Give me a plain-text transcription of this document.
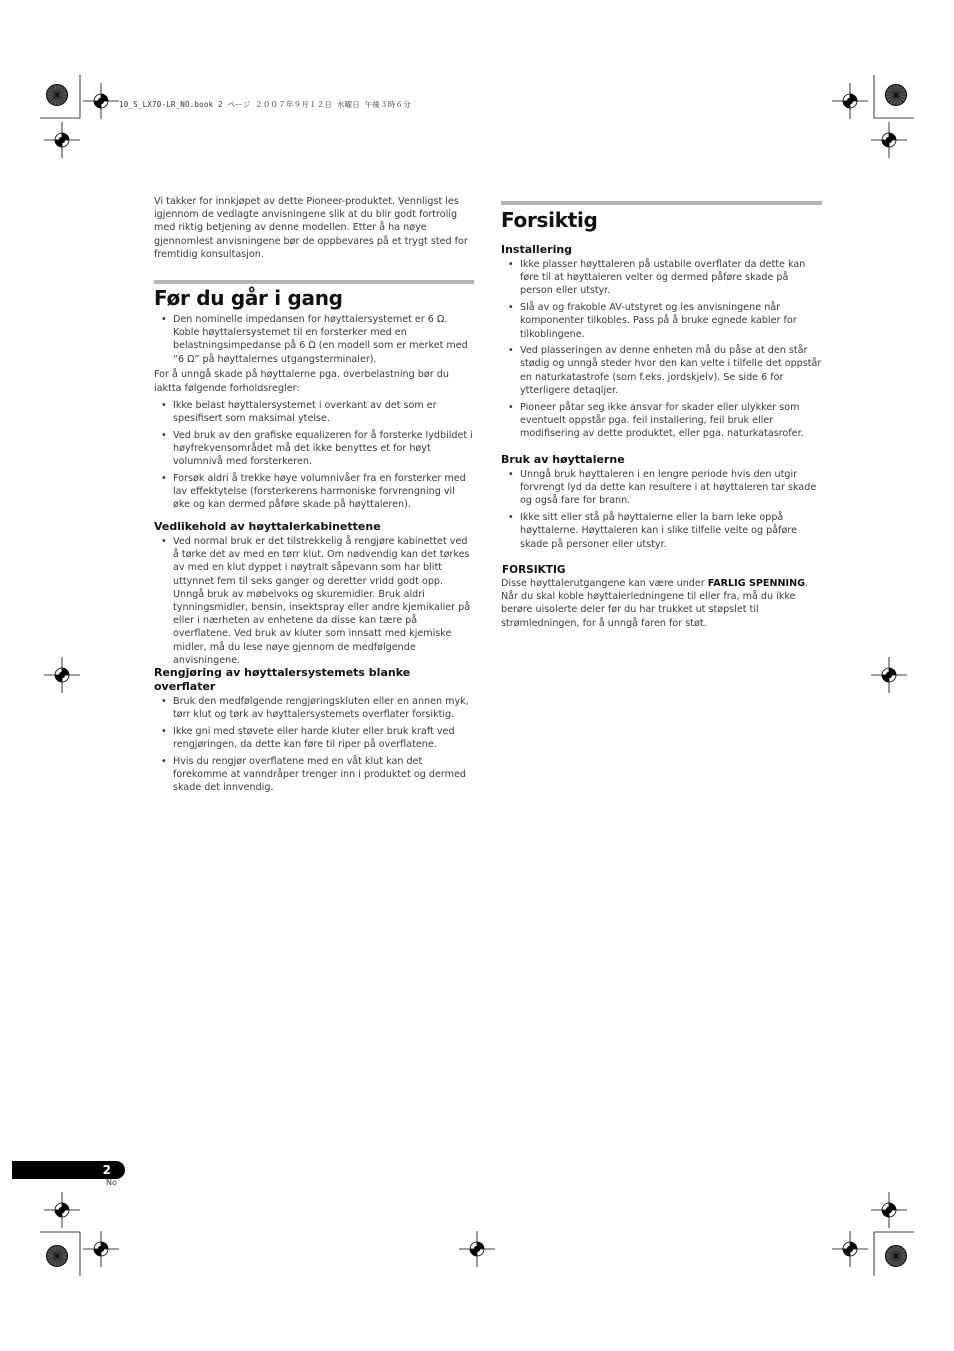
10_S_LX70-LR_NO.book 2 ページ ２００７年９月１２日 水曜日 午後３時６分

Vi takker for innkjøpet av dette Pioneer-produktet. Vennligst les igjennom de vedlagte anvisningene slik at du blir godt fortrolig med riktig betjening av denne modellen. Etter å ha nøye gjennomlest anvisningene bør de oppbevares på et trygt sted for fremtidig konsultasjon.

Før du går i gang
• Den nominelle impedansen for høyttalersystemet er 6 Ω. Koble høyttalersystemet til en forsterker med en belastningsimpedanse på 6 Ω (en modell som er merket med “6 Ω” på høyttalernes utgangsterminaler).

For å unngå skade på høyttalerne pga. overbelastning bør du iaktta følgende forholdsregler:

• Ikke belast høyttalersystemet i overkant av det som er spesifisert som maksimal ytelse.
• Ved bruk av den grafiske equalizeren for å forsterke lydbildet i høyfrekvensområdet må det ikke benyttes et for høyt volumnivå med forsterkeren.
• Forsøk aldri å trekke høye volumnivåer fra en forsterker med lav effektytelse (forsterkerens harmoniske forvrengning vil øke og kan dermed påføre skade på høyttaleren).
Vedlikehold av høyttalerkabinettene
• Ved normal bruk er det tilstrekkelig å rengjøre kabinettet ved å tørke det av med en tørr klut. Om nødvendig kan det tørkes av med en klut dyppet i nøytralt såpevann som har blitt uttynnet fem til seks ganger og deretter vridd godt opp. Unngå bruk av møbelvoks og skuremidler. Bruk aldri tynningsmidler, bensin, insektspray eller andre kjemikalier på eller i nærheten av enhetene da disse kan tære på overflatene. Ved bruk av kluter som innsatt med kjemiske midler, må du lese nøye gjennom de medfølgende anvisningene.
Rengjøring av høyttalersystemets blanke overflater
• Bruk den medfølgende rengjøringskluten eller en annen myk, tørr klut og tørk av høyttalersystemets overflater forsiktig.
• Ikke gni med støvete eller harde kluter eller bruk kraft ved rengjøringen, da dette kan føre til riper på overflatene.
• Hvis du rengjør overflatene med en våt klut kan det forekomme at vanndråper trenger inn i produktet og dermed skade det innvendig.
Forsiktig
Installering
• Ikke plasser høyttaleren på ustabile overflater da dette kan føre til at høyttaleren velter og dermed påføre skade på person eller utstyr.
• Slå av og frakoble AV-utstyret og les anvisningene når komponenter tilkobles. Pass på å bruke egnede kabler for tilkoblingene.
• Ved plasseringen av denne enheten må du påse at den står stødig og unngå steder hvor den kan velte i tilfelle det oppstår en naturkatastrofe (som f.eks. jordskjelv). Se side 6 for ytterligere detaqljer.
• Pioneer påtar seg ikke ansvar for skader eller ulykker som eventuelt oppstår pga. feil installering, feil bruk eller modifisering av dette produktet, eller pga. naturkatasrofer.
Bruk av høyttalerne
• Unngå bruk høyttaleren i en lengre periode hvis den utgir forvrengt lyd da dette kan resultere i at høyttaleren tar skade og også fare for brann.
• Ikke sitt eller stå på høyttalerne eller la barn leke oppå høyttalerne. Høyttaleren kan i slike tilfelle velte og påføre skade på personer eller utstyr.
FORSIKTIG

Disse høyttalerutgangene kan være under FARLIG SPENNING. Når du skal koble høyttalerledningene til eller fra, må du ikke berøre uisolerte deler før du har trukket ut støpslet til strømledningen, for å unngå faren for støt.

2
No
